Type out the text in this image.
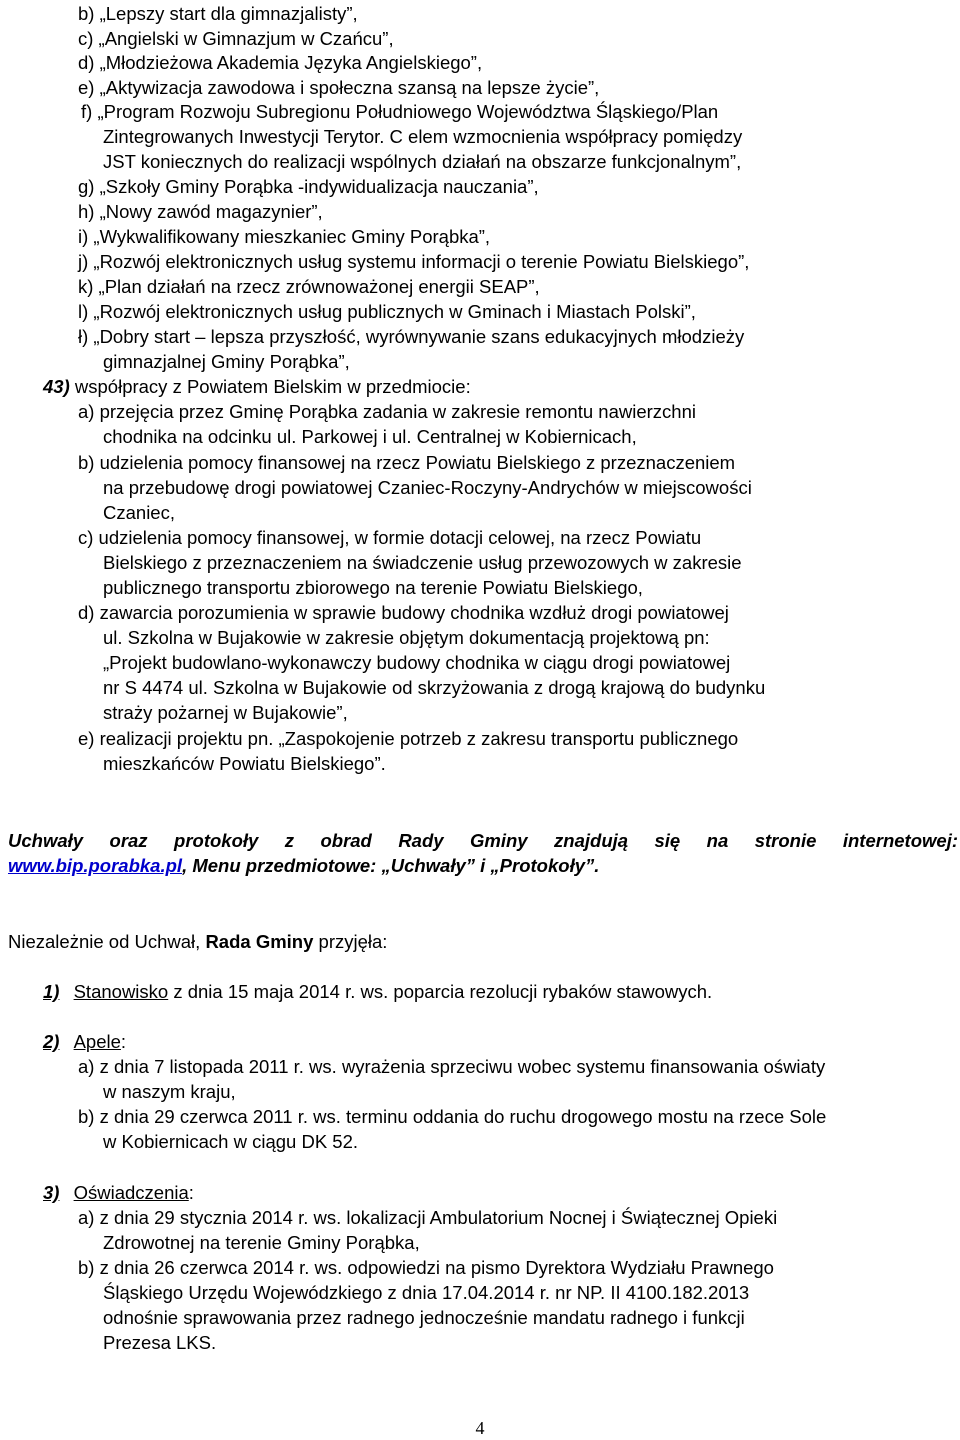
b) „Lepszy start dla gimnazjalisty”,
c) „Angielski w Gimnazjum w Czańcu”,
d) „Młodzieżowa Akademia Języka Angielskiego”,
e) „Aktywizacja zawodowa i społeczna szansą na lepsze życie”,
f) „Program Rozwoju Subregionu Południowego Województwa Śląskiego/Plan
Zintegrowanych Inwestycji Terytor. C elem wzmocnienia współpracy pomiędzy
JST koniecznych do realizacji wspólnych działań na obszarze funkcjonalnym”,
g) „Szkoły Gminy Porąbka -indywidualizacja nauczania”,
h) „Nowy zawód magazynier”,
i) „Wykwalifikowany mieszkaniec Gminy Porąbka”,
j) „Rozwój elektronicznych usług systemu informacji o terenie Powiatu Bielskiego”,
k) „Plan działań na rzecz zrównoważonej energii SEAP”,
l) „Rozwój elektronicznych usług publicznych w Gminach i Miastach Polski”,
ł) „Dobry start – lepsza przyszłość, wyrównywanie szans edukacyjnych młodzieży
gimnazjalnej Gminy Porąbka”,
43) współpracy z Powiatem Bielskim w przedmiocie:
a) przejęcia przez Gminę Porąbka zadania w zakresie remontu nawierzchni
chodnika na odcinku ul. Parkowej i ul. Centralnej w Kobiernicach,
b) udzielenia pomocy finansowej na rzecz Powiatu Bielskiego z przeznaczeniem
na przebudowę drogi powiatowej Czaniec-Roczyny-Andrychów w miejscowości
Czaniec,
c) udzielenia pomocy finansowej, w formie dotacji celowej, na rzecz Powiatu
Bielskiego z przeznaczeniem na świadczenie usług przewozowych w zakresie
publicznego transportu zbiorowego na terenie Powiatu Bielskiego,
d) zawarcia porozumienia w sprawie budowy chodnika wzdłuż drogi powiatowej
ul. Szkolna w Bujakowie w zakresie objętym dokumentacją projektową pn:
„Projekt budowlano-wykonawczy budowy chodnika w ciągu drogi powiatowej
nr S 4474 ul. Szkolna w Bujakowie od skrzyżowania z drogą krajową do budynku
straży pożarnej w Bujakowie”,
e) realizacji projektu pn. „Zaspokojenie potrzeb z zakresu transportu publicznego
mieszkańców Powiatu Bielskiego”.
Uchwały oraz protokoły z obrad Rady Gminy znajdują się na stronie internetowej:
www.bip.porabka.pl, Menu przedmiotowe: „Uchwały” i „Protokoły”.
Niezależnie od Uchwał, Rada Gminy przyjęła:
1) Stanowisko z dnia 15 maja 2014 r. ws. poparcia rezolucji rybaków stawowych.
2) Apele:
a) z dnia 7 listopada 2011 r. ws. wyrażenia sprzeciwu wobec systemu finansowania oświaty
w naszym kraju,
b) z dnia 29 czerwca 2011 r. ws. terminu oddania do ruchu drogowego mostu na rzece Sole
w Kobiernicach w ciągu DK 52.
3) Oświadczenia:
a) z dnia 29 stycznia 2014 r. ws. lokalizacji Ambulatorium Nocnej i Świątecznej Opieki
Zdrowotnej na terenie Gminy Porąbka,
b) z dnia 26 czerwca 2014 r. ws. odpowiedzi na pismo Dyrektora Wydziału Prawnego
Śląskiego Urzędu Wojewódzkiego z dnia 17.04.2014 r. nr NP. II 4100.182.2013
odnośnie sprawowania przez radnego jednocześnie mandatu radnego i funkcji
Prezesa LKS.
4
